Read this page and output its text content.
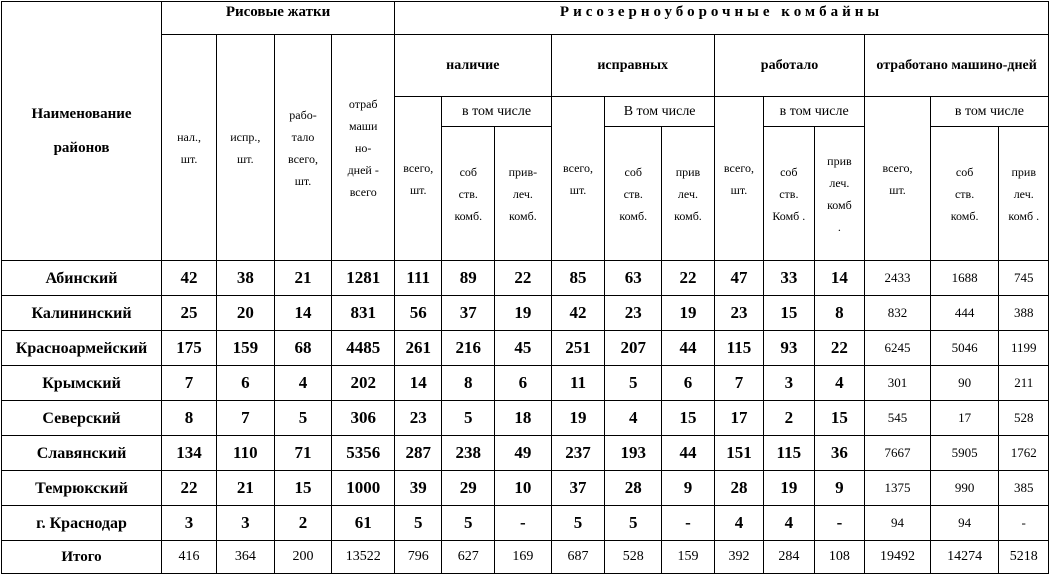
Наименование районов	Рисовые жатки				Рисозерноуборочные комбайны											
	нал., шт.	испр., шт.	рабо-тало всего, шт.	отраб маши но-дней - всего	наличие			исправных			работало			отработано машино-дней		
					всего, шт.	в том числе		всего, шт.	В том числе		всего, шт.	в том числе		всего, шт.	в том числе	
						соб ств. комб.	прив-леч. комб.		соб ств. комб.	прив леч. комб.		соб ств. Комб .	прив леч. комб .		соб ств. комб.	прив леч. комб .

Абинский	42	38	21	1281	111	89	22	85	63	22	47	33	14	2433	1688	745
Калининский	25	20	14	831	56	37	19	42	23	19	23	15	8	832	444	388
Красноармейский	175	159	68	4485	261	216	45	251	207	44	115	93	22	6245	5046	1199
Крымский	7	6	4	202	14	8	6	11	5	6	7	3	4	301	90	211
Северский	8	7	5	306	23	5	18	19	4	15	17	2	15	545	17	528
Славянский	134	110	71	5356	287	238	49	237	193	44	151	115	36	7667	5905	1762
Темрюкский	22	21	15	1000	39	29	10	37	28	9	28	19	9	1375	990	385
г. Краснодар	3	3	2	61	5	5	-	5	5	-	4	4	-	94	94	-
Итого	416	364	200	13522	796	627	169	687	528	159	392	284	108	19492	14274	5218
